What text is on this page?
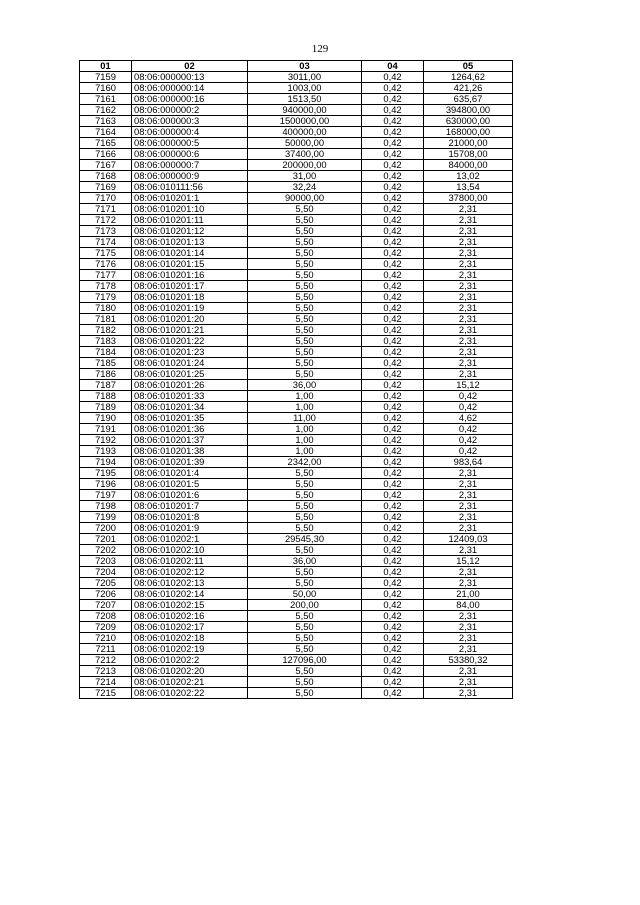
129
01	02	03	04	05
7159	08:06:000000:13	3011,00	0,42	1264,62
7160	08:06:000000:14	1003,00	0,42	421,26
7161	08:06:000000:16	1513,50	0,42	635,67
7162	08:06:000000:2	940000,00	0,42	394800,00
7163	08:06:000000:3	1500000,00	0,42	630000,00
7164	08:06:000000:4	400000,00	0,42	168000,00
7165	08:06:000000:5	50000,00	0,42	21000,00
7166	08:06:000000:6	37400,00	0,42	15708,00
7167	08:06:000000:7	200000,00	0,42	84000,00
7168	08:06:000000:9	31,00	0,42	13,02
7169	08:06:010111:56	32,24	0,42	13,54
7170	08:06:010201:1	90000,00	0,42	37800,00
7171	08:06:010201:10	5,50	0,42	2,31
7172	08:06:010201:11	5,50	0,42	2,31
7173	08:06:010201:12	5,50	0,42	2,31
7174	08:06:010201:13	5,50	0,42	2,31
7175	08:06:010201:14	5,50	0,42	2,31
7176	08:06:010201:15	5,50	0,42	2,31
7177	08:06:010201:16	5,50	0,42	2,31
7178	08:06:010201:17	5,50	0,42	2,31
7179	08:06:010201:18	5,50	0,42	2,31
7180	08:06:010201:19	5,50	0,42	2,31
7181	08:06:010201:20	5,50	0,42	2,31
7182	08:06:010201:21	5,50	0,42	2,31
7183	08:06:010201:22	5,50	0,42	2,31
7184	08:06:010201:23	5,50	0,42	2,31
7185	08:06:010201:24	5,50	0,42	2,31
7186	08:06:010201:25	5,50	0,42	2,31
7187	08:06:010201:26	36,00	0,42	15,12
7188	08:06:010201:33	1,00	0,42	0,42
7189	08:06:010201:34	1,00	0,42	0,42
7190	08:06:010201:35	11,00	0,42	4,62
7191	08:06:010201:36	1,00	0,42	0,42
7192	08:06:010201:37	1,00	0,42	0,42
7193	08:06:010201:38	1,00	0,42	0,42
7194	08:06:010201:39	2342,00	0,42	983,64
7195	08:06:010201:4	5,50	0,42	2,31
7196	08:06:010201:5	5,50	0,42	2,31
7197	08:06:010201:6	5,50	0,42	2,31
7198	08:06:010201:7	5,50	0,42	2,31
7199	08:06:010201:8	5,50	0,42	2,31
7200	08:06:010201:9	5,50	0,42	2,31
7201	08:06:010202:1	29545,30	0,42	12409,03
7202	08:06:010202:10	5,50	0,42	2,31
7203	08:06:010202:11	36,00	0,42	15,12
7204	08:06:010202:12	5,50	0,42	2,31
7205	08:06:010202:13	5,50	0,42	2,31
7206	08:06:010202:14	50,00	0,42	21,00
7207	08:06:010202:15	200,00	0,42	84,00
7208	08:06:010202:16	5,50	0,42	2,31
7209	08:06:010202:17	5,50	0,42	2,31
7210	08:06:010202:18	5,50	0,42	2,31
7211	08:06:010202:19	5,50	0,42	2,31
7212	08:06:010202:2	127096,00	0,42	53380,32
7213	08:06:010202:20	5,50	0,42	2,31
7214	08:06:010202:21	5,50	0,42	2,31
7215	08:06:010202:22	5,50	0,42	2,31
